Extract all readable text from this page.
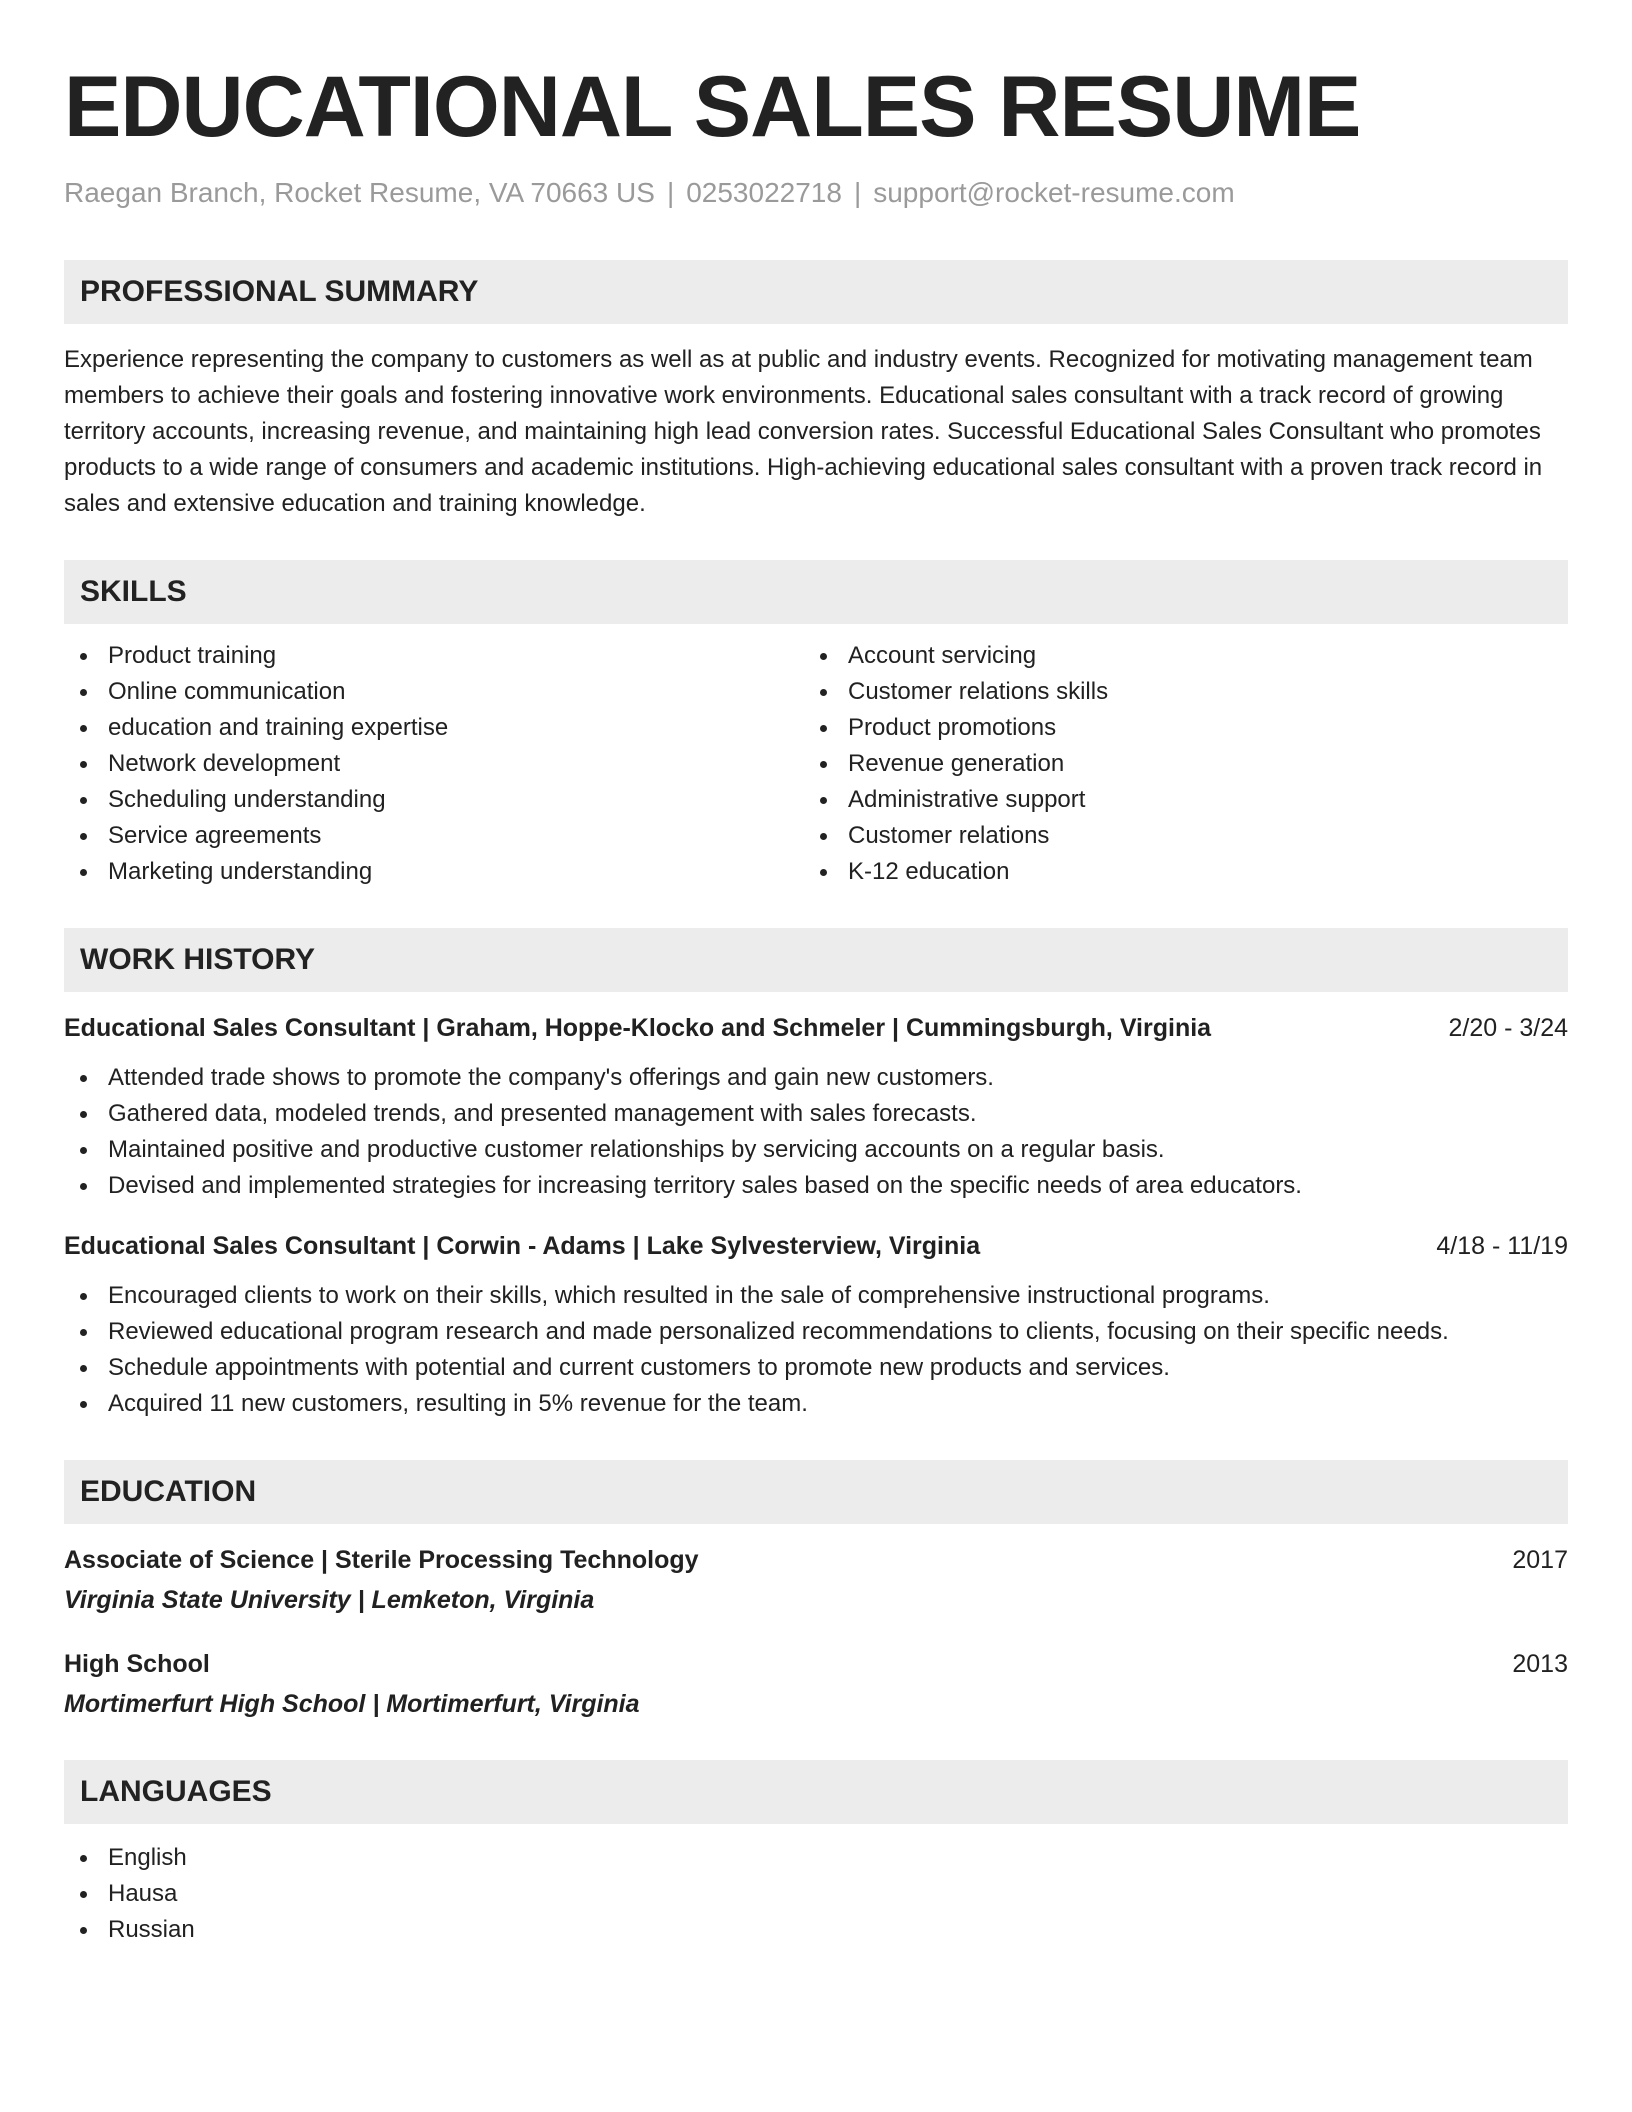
EDUCATIONAL SALES RESUME
Raegan Branch, Rocket Resume, VA 70663 US | 0253022718 | support@rocket-resume.com
PROFESSIONAL SUMMARY
Experience representing the company to customers as well as at public and industry events. Recognized for motivating management team members to achieve their goals and fostering innovative work environments. Educational sales consultant with a track record of growing territory accounts, increasing revenue, and maintaining high lead conversion rates. Successful Educational Sales Consultant who promotes products to a wide range of consumers and academic institutions. High-achieving educational sales consultant with a proven track record in sales and extensive education and training knowledge.
SKILLS
Product training
Online communication
education and training expertise
Network development
Scheduling understanding
Service agreements
Marketing understanding
Account servicing
Customer relations skills
Product promotions
Revenue generation
Administrative support
Customer relations
K-12 education
WORK HISTORY
Educational Sales Consultant | Graham, Hoppe-Klocko and Schmeler | Cummingsburgh, Virginia	2/20 - 3/24
Attended trade shows to promote the company's offerings and gain new customers.
Gathered data, modeled trends, and presented management with sales forecasts.
Maintained positive and productive customer relationships by servicing accounts on a regular basis.
Devised and implemented strategies for increasing territory sales based on the specific needs of area educators.
Educational Sales Consultant | Corwin - Adams | Lake Sylvesterview, Virginia	4/18 - 11/19
Encouraged clients to work on their skills, which resulted in the sale of comprehensive instructional programs.
Reviewed educational program research and made personalized recommendations to clients, focusing on their specific needs.
Schedule appointments with potential and current customers to promote new products and services.
Acquired 11 new customers, resulting in 5% revenue for the team.
EDUCATION
Associate of Science | Sterile Processing Technology	2017
Virginia State University | Lemketon, Virginia
High School	2013
Mortimerfurt High School | Mortimerfurt, Virginia
LANGUAGES
English
Hausa
Russian
